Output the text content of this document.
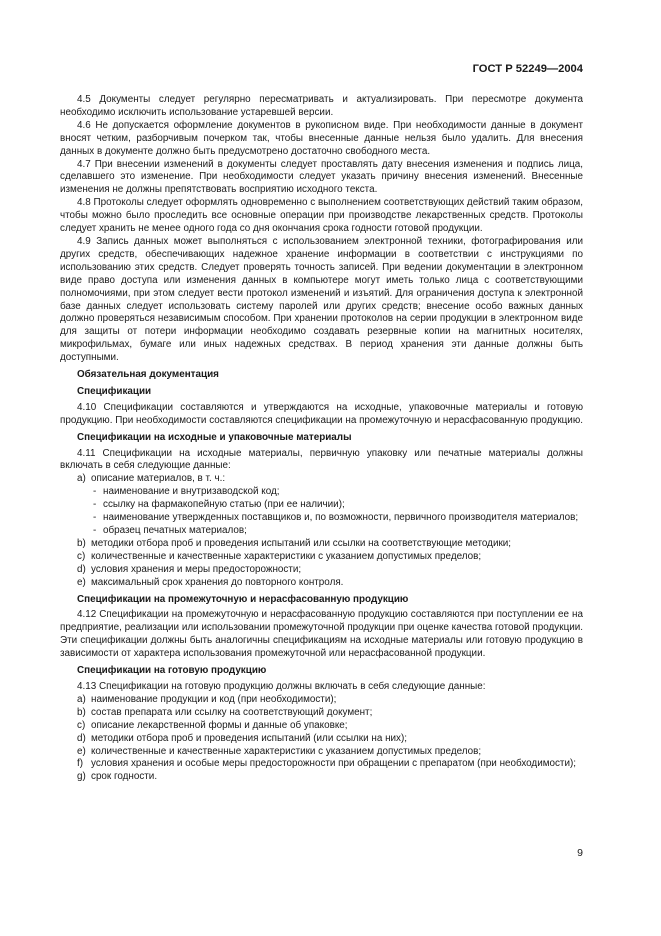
ГОСТ Р 52249—2004

4.5 Документы следует регулярно пересматривать и актуализировать. При пересмотре документа необходимо исключить использование устаревшей версии.

4.6 Не допускается оформление документов в рукописном виде. При необходимости данные в документ вносят четким, разборчивым почерком так, чтобы внесенные данные нельзя было удалить. Для внесения данных в документе должно быть предусмотрено достаточно свободного места.

4.7 При внесении изменений в документы следует проставлять дату внесения изменения и подпись лица, сделавшего это изменение. При необходимости следует указать причину внесения изменений. Внесенные изменения не должны препятствовать восприятию исходного текста.

4.8 Протоколы следует оформлять одновременно с выполнением соответствующих действий таким образом, чтобы можно было проследить все основные операции при производстве лекарственных средств. Протоколы следует хранить не менее одного года со дня окончания срока годности готовой продукции.

4.9 Запись данных может выполняться с использованием электронной техники, фотографирования или других средств, обеспечивающих надежное хранение информации в соответствии с инструкциями по использованию этих средств. Следует проверять точность записей. При ведении документации в электронном виде право доступа или изменения данных в компьютере могут иметь только лица с соответствующими полномочиями, при этом следует вести протокол изменений и изъятий. Для ограничения доступа к электронной базе данных следует использовать систему паролей или других средств; внесение особо важных данных должно проверяться независимым способом. При хранении протоколов на серии продукции в электронном виде для защиты от потери информации необходимо создавать резервные копии на магнитных носителях, микрофильмах, бумаге или иных надежных средствах. В период хранения эти данные должны быть доступными.

Обязательная документация
Спецификации

4.10 Спецификации составляются и утверждаются на исходные, упаковочные материалы и готовую продукцию. При необходимости составляются спецификации на промежуточную и нерасфасованную продукцию.

Спецификации на исходные и упаковочные материалы

4.11 Спецификации на исходные материалы, первичную упаковку или печатные материалы должны включать в себя следующие данные:

а) описание материалов, в т. ч.:
- наименование и внутризаводской код;
- ссылку на фармакопейную статью (при ее наличии);
- наименование утвержденных поставщиков и, по возможности, первичного производителя материалов;
- образец печатных материалов;
b) методики отбора проб и проведения испытаний или ссылки на соответствующие методики;
c) количественные и качественные характеристики с указанием допустимых пределов;
d) условия хранения и меры предосторожности;
e) максимальный срок хранения до повторного контроля.
Спецификации на промежуточную и нерасфасованную продукцию

4.12 Спецификации на промежуточную и нерасфасованную продукцию составляются при поступлении ее на предприятие, реализации или использовании промежуточной продукции при оценке качества готовой продукции. Эти спецификации должны быть аналогичны спецификациям на исходные материалы или готовую продукцию в зависимости от характера использования промежуточной или нерасфасованной продукции.

Спецификации на готовую продукцию

4.13 Спецификации на готовую продукцию должны включать в себя следующие данные:

а) наименование продукции и код (при необходимости);
b) состав препарата или ссылку на соответствующий документ;
c) описание лекарственной формы и данные об упаковке;
d) методики отбора проб и проведения испытаний (или ссылки на них);
e) количественные и качественные характеристики с указанием допустимых пределов;
f) условия хранения и особые меры предосторожности при обращении с препаратом (при необходимости);
g) срок годности.
9
